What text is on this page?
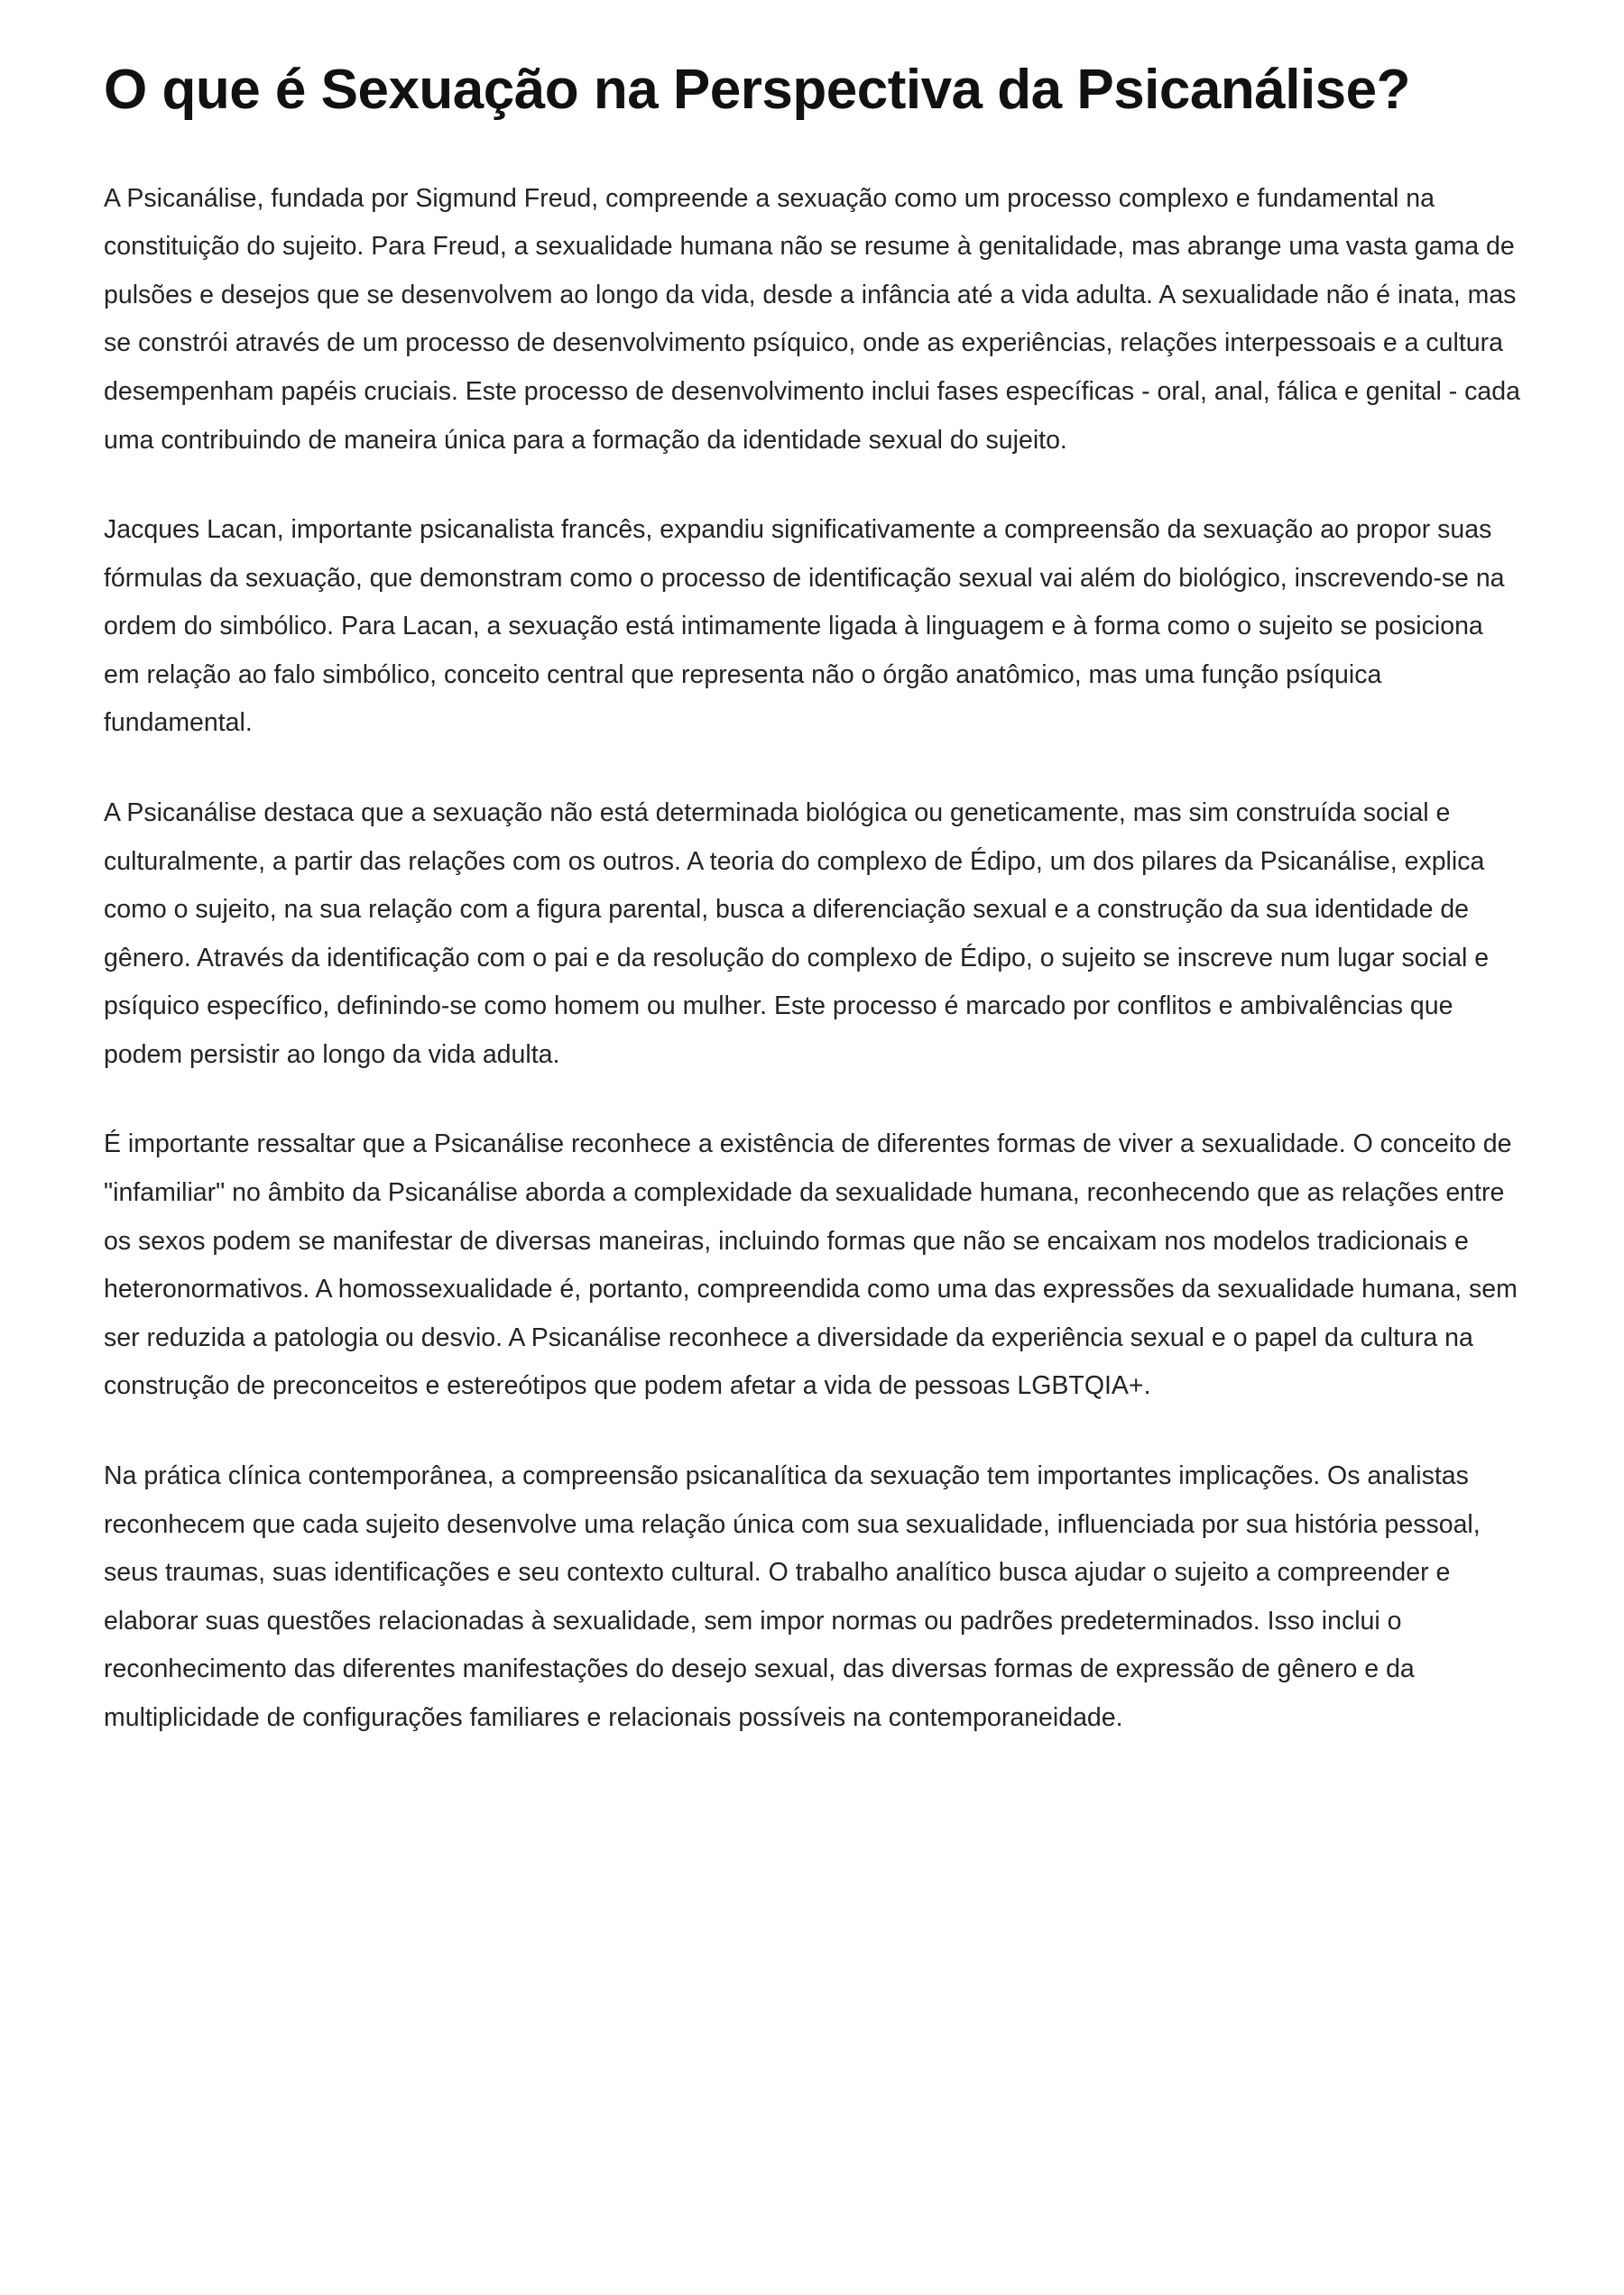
O que é Sexuação na Perspectiva da Psicanálise?

A Psicanálise, fundada por Sigmund Freud, compreende a sexuação como um processo complexo e fundamental na constituição do sujeito. Para Freud, a sexualidade humana não se resume à genitalidade, mas abrange uma vasta gama de pulsões e desejos que se desenvolvem ao longo da vida, desde a infância até a vida adulta. A sexualidade não é inata, mas se constrói através de um processo de desenvolvimento psíquico, onde as experiências, relações interpessoais e a cultura desempenham papéis cruciais. Este processo de desenvolvimento inclui fases específicas - oral, anal, fálica e genital - cada uma contribuindo de maneira única para a formação da identidade sexual do sujeito.

Jacques Lacan, importante psicanalista francês, expandiu significativamente a compreensão da sexuação ao propor suas fórmulas da sexuação, que demonstram como o processo de identificação sexual vai além do biológico, inscrevendo-se na ordem do simbólico. Para Lacan, a sexuação está intimamente ligada à linguagem e à forma como o sujeito se posiciona em relação ao falo simbólico, conceito central que representa não o órgão anatômico, mas uma função psíquica fundamental.

A Psicanálise destaca que a sexuação não está determinada biológica ou geneticamente, mas sim construída social e culturalmente, a partir das relações com os outros. A teoria do complexo de Édipo, um dos pilares da Psicanálise, explica como o sujeito, na sua relação com a figura parental, busca a diferenciação sexual e a construção da sua identidade de gênero. Através da identificação com o pai e da resolução do complexo de Édipo, o sujeito se inscreve num lugar social e psíquico específico, definindo-se como homem ou mulher. Este processo é marcado por conflitos e ambivalências que podem persistir ao longo da vida adulta.

É importante ressaltar que a Psicanálise reconhece a existência de diferentes formas de viver a sexualidade. O conceito de "infamiliar" no âmbito da Psicanálise aborda a complexidade da sexualidade humana, reconhecendo que as relações entre os sexos podem se manifestar de diversas maneiras, incluindo formas que não se encaixam nos modelos tradicionais e heteronormativos. A homossexualidade é, portanto, compreendida como uma das expressões da sexualidade humana, sem ser reduzida a patologia ou desvio. A Psicanálise reconhece a diversidade da experiência sexual e o papel da cultura na construção de preconceitos e estereótipos que podem afetar a vida de pessoas LGBTQIA+.

Na prática clínica contemporânea, a compreensão psicanalítica da sexuação tem importantes implicações. Os analistas reconhecem que cada sujeito desenvolve uma relação única com sua sexualidade, influenciada por sua história pessoal, seus traumas, suas identificações e seu contexto cultural. O trabalho analítico busca ajudar o sujeito a compreender e elaborar suas questões relacionadas à sexualidade, sem impor normas ou padrões predeterminados. Isso inclui o reconhecimento das diferentes manifestações do desejo sexual, das diversas formas de expressão de gênero e da multiplicidade de configurações familiares e relacionais possíveis na contemporaneidade.
